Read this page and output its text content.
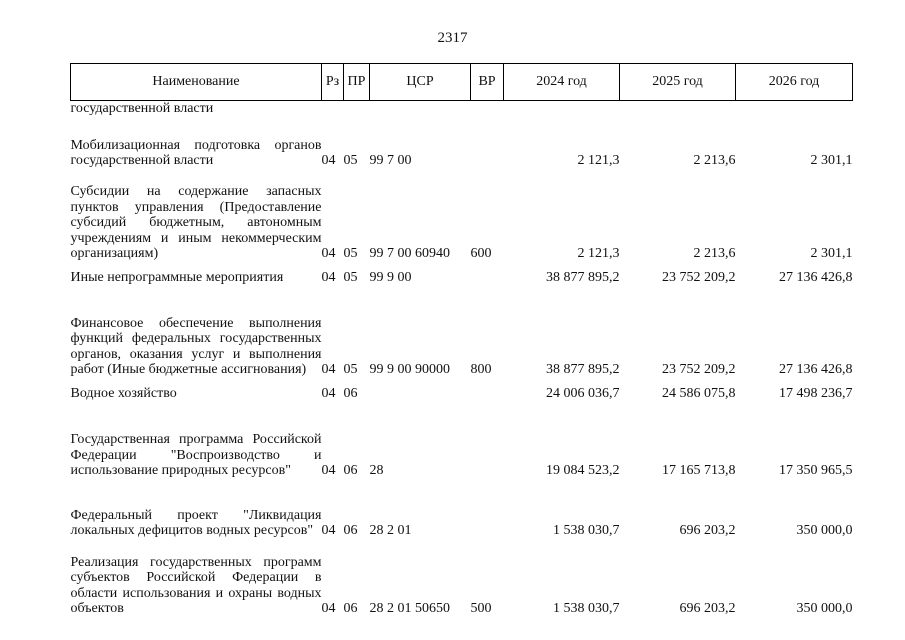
2317
Наименование	Рз	ПР	ЦСР	ВР	2024 год	2025 год	2026 год
государственной власти							
Мобилизационная подготовка органов государственной власти	04	05	99 7 00		2 121,3	2 213,6	2 301,1
Субсидии на содержание запасных пунктов управления (Предоставление субсидий бюджетным, автономным учреждениям и иным некоммерческим организациям)	04	05	99 7 00 60940	600	2 121,3	2 213,6	2 301,1
Иные непрограммные мероприятия	04	05	99 9 00		38 877 895,2	23 752 209,2	27 136 426,8
Финансовое обеспечение выполнения функций федеральных государственных органов, оказания услуг и выполнения работ (Иные бюджетные ассигнования)	04	05	99 9 00 90000	800	38 877 895,2	23 752 209,2	27 136 426,8
Водное хозяйство	04	06			24 006 036,7	24 586 075,8	17 498 236,7
Государственная программа Российской Федерации "Воспроизводство и использование природных ресурсов"	04	06	28		19 084 523,2	17 165 713,8	17 350 965,5
Федеральный проект "Ликвидация локальных дефицитов водных ресурсов"	04	06	28 2 01		1 538 030,7	696 203,2	350 000,0
Реализация государственных программ субъектов Российской Федерации в области использования и охраны водных объектов	04	06	28 2 01 50650	500	1 538 030,7	696 203,2	350 000,0
